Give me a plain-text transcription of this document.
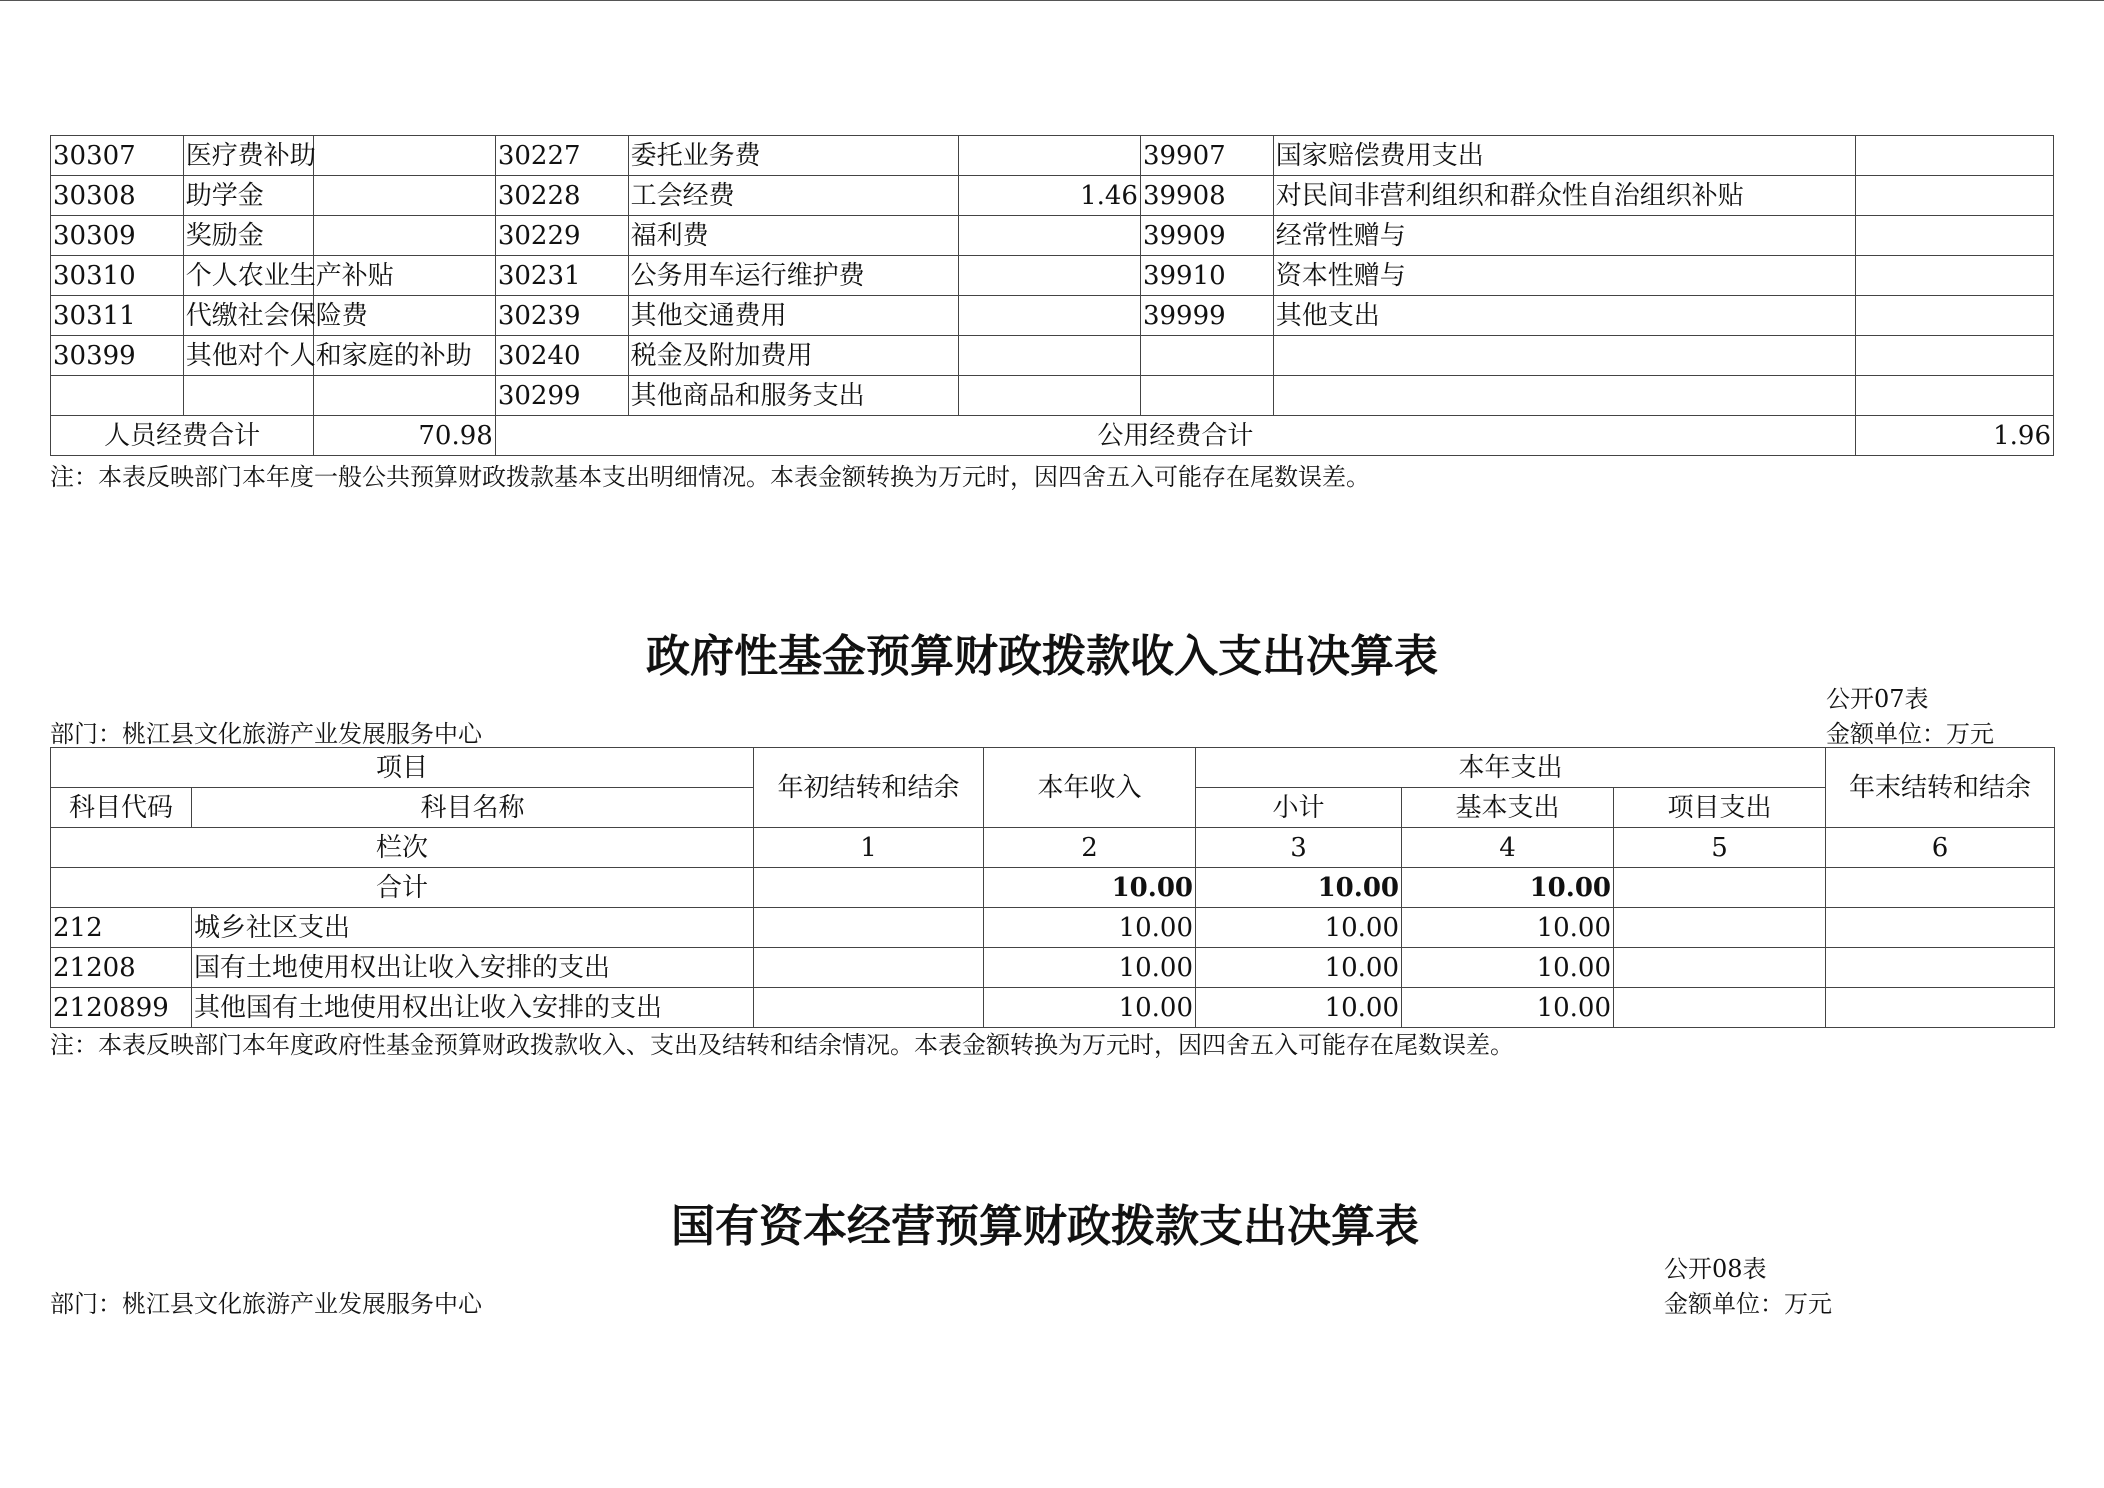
30307	医疗费补助		30227	委托业务费		39907	国家赔偿费用支出	
30308	助学金		30228	工会经费	1.46	39908	对民间非营利组织和群众性自治组织补贴	
30309	奖励金		30229	福利费		39909	经常性赠与	
30310	个人农业生产补贴		30231	公务用车运行维护费		39910	资本性赠与	
30311	代缴社会保险费		30239	其他交通费用		39999	其他支出	
30399	其他对个人和家庭的补助		30240	税金及附加费用				
			30299	其他商品和服务支出				
人员经费合计		70.98	公用经费合计					1.96
注：本表反映部门本年度一般公共预算财政拨款基本支出明细情况。本表金额转换为万元时，因四舍五入可能存在尾数误差。
政府性基金预算财政拨款收入支出决算表
公开07表
部门：桃江县文化旅游产业发展服务中心	金额单位：万元
项目		年初结转和结余	本年收入	本年支出			年末结转和结余
科目代码	科目名称			小计	基本支出	项目支出	
栏次		1	2	3	4	5	6
合计			10.00	10.00	10.00		
212	城乡社区支出		10.00	10.00	10.00		
21208	国有土地使用权出让收入安排的支出		10.00	10.00	10.00		
2120899	其他国有土地使用权出让收入安排的支出		10.00	10.00	10.00		
注：本表反映部门本年度政府性基金预算财政拨款收入、支出及结转和结余情况。本表金额转换为万元时，因四舍五入可能存在尾数误差。
国有资本经营预算财政拨款支出决算表
公开08表
部门：桃江县文化旅游产业发展服务中心	金额单位：万元
